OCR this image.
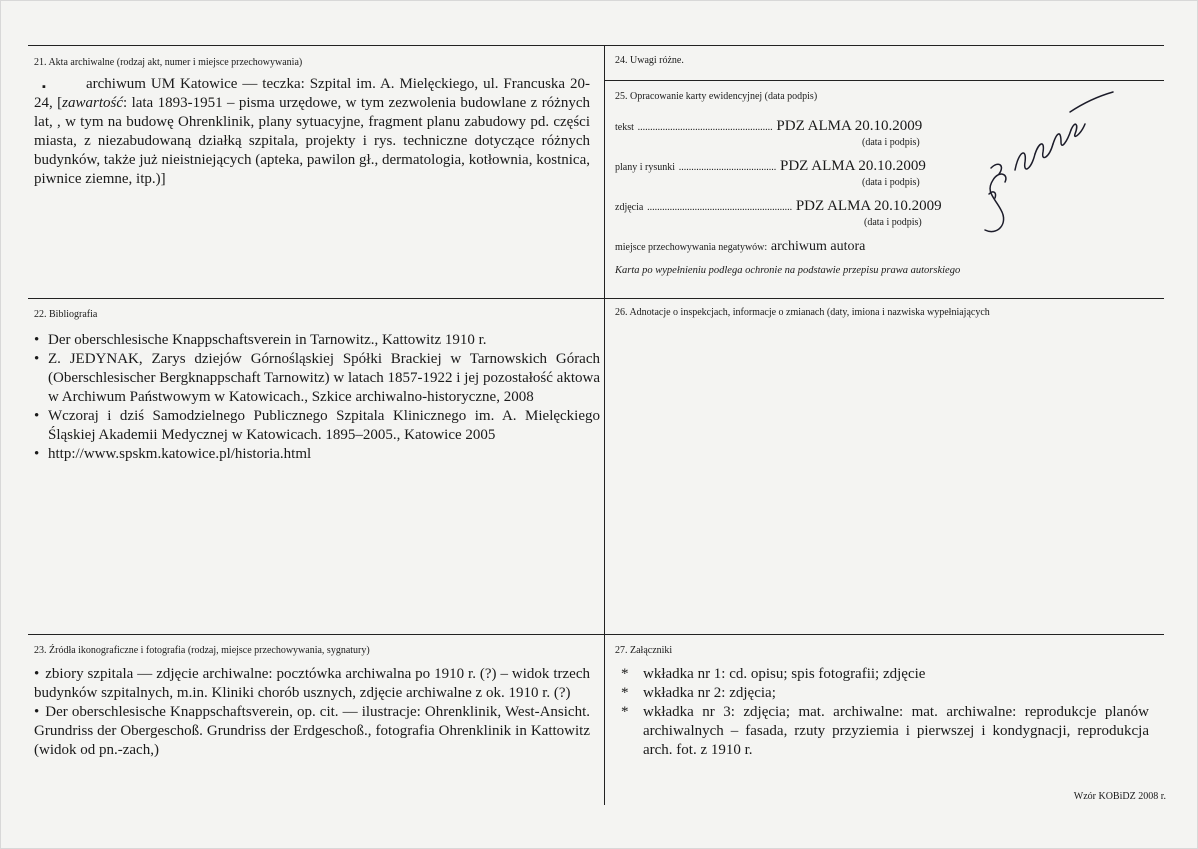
21. Akta archiwalne (rodzaj akt, numer i miejsce przechowywania)
▪	archiwum UM Katowice — teczka: Szpital im. A. Mielęckiego, ul. Francuska 20-24, [zawartość: lata 1893-1951 – pisma urzędowe, w tym zezwolenia budowlane z różnych lat, , w tym na budowę Ohrenklinik, plany sytuacyjne, fragment planu zabudowy pd. części miasta, z niezabudowaną działką szpitala, projekty i rys. techniczne dotyczące różnych budynków, także już nieistniejących (apteka, pawilon gł., dermatologia, kotłownia, kostnica, piwnice ziemne, itp.)]
24. Uwagi różne.
25. Opracowanie karty ewidencyjnej (data podpis)
tekst ...................................................... PDZ ALMA 20.10.2009
(data i podpis)
plany i rysunki ....................................... PDZ ALMA 20.10.2009
(data i podpis)
zdjęcia .......................................................... PDZ ALMA 20.10.2009
(data i podpis)
miejsce przechowywania negatywów: archiwum autora
Karta po wypełnieniu podlega ochronie na podstawie przepisu prawa autorskiego
22. Bibliografia
• Der oberschlesische Knappschaftsverein in Tarnowitz., Kattowitz 1910 r.
• Z. JEDYNAK, Zarys dziejów Górnośląskiej Spółki Brackiej w Tarnowskich Górach (Oberschlesischer Bergknappschaft Tarnowitz) w latach 1857-1922 i jej pozostałość aktowa w Archiwum Państwowym w Katowicach., Szkice archiwalno-historyczne, 2008
• Wczoraj i dziś Samodzielnego Publicznego Szpitala Klinicznego im. A. Mielęckiego Śląskiej Akademii Medycznej w Katowicach. 1895–2005., Katowice 2005
• http://www.spskm.katowice.pl/historia.html
26. Adnotacje o inspekcjach, informacje o zmianach (daty, imiona i nazwiska wypełniających
23. Źródła ikonograficzne i fotografia (rodzaj, miejsce przechowywania, sygnatury)
• zbiory szpitala — zdjęcie archiwalne: pocztówka archiwalna po 1910 r. (?) – widok trzech budynków szpitalnych, m.in. Kliniki chorób usznych, zdjęcie archiwalne z ok. 1910 r. (?)
• Der oberschlesische Knappschaftsverein, op. cit. — ilustracje: Ohrenklinik, West-Ansicht. Grundriss der Obergeschoß. Grundriss der Erdgeschoß., fotografia Ohrenklinik in Kattowitz (widok od pn.-zach,)
27. Załączniki
* wkładka nr 1: cd. opisu; spis fotografii; zdjęcie
* wkładka nr 2: zdjęcia;
* wkładka nr 3: zdjęcia; mat. archiwalne: mat. archiwalne: reprodukcje planów archiwalnych – fasada, rzuty przyziemia i pierwszej i kondygnacji, reprodukcja arch. fot. z 1910 r.
Wzór KOBiDZ 2008 r.
